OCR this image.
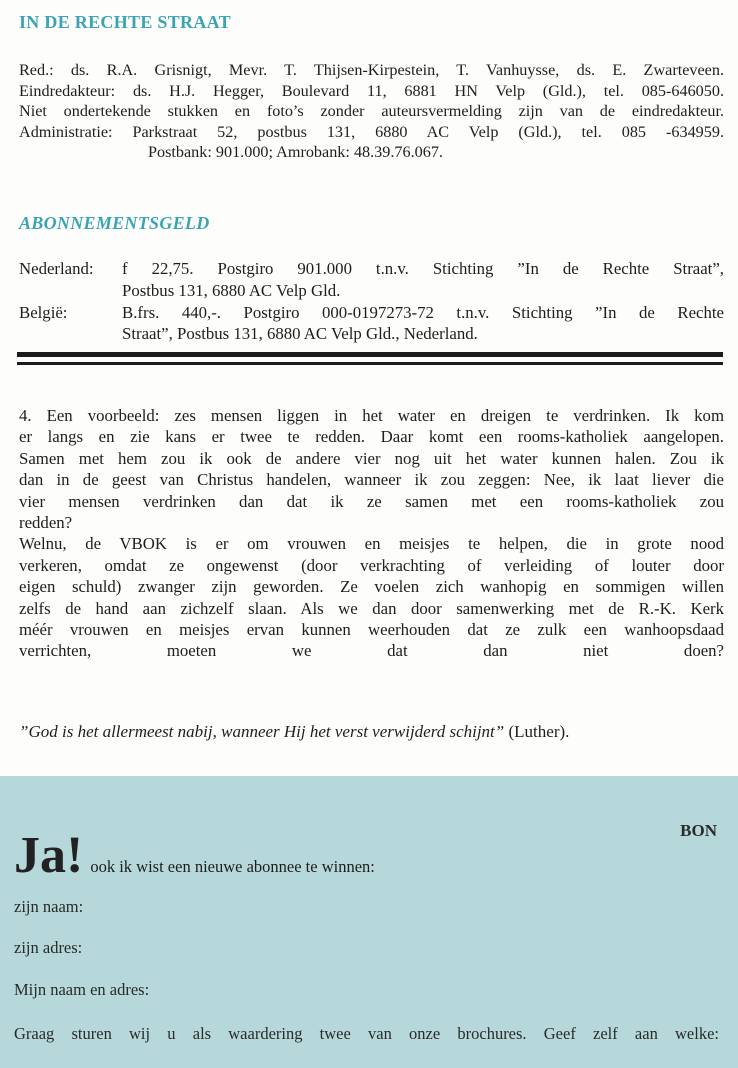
IN DE RECHTE STRAAT
Red.: ds. R.A. Grisnigt, Mevr. T. Thijsen-Kirpestein, T. Vanhuysse, ds. E. Zwarteveen.
Eindredakteur: ds. H.J. Hegger, Boulevard 11, 6881 HN Velp (Gld.), tel. 085-646050.
Niet ondertekende stukken en foto’s zonder auteursvermelding zijn van de eindredakteur.
Administratie: Parkstraat 52, postbus 131, 6880 AC Velp (Gld.), tel. 085 -634959.
Postbank: 901.000; Amrobank: 48.39.76.067.
ABONNEMENTSGELD
Nederland:	f 22,75. Postgiro 901.000 t.n.v. Stichting ”In de Rechte Straat”,
Postbus 131, 6880 AC Velp Gld.
België:	B.frs. 440,-. Postgiro 000-0197273-72 t.n.v. Stichting ”In de Rechte
Straat”, Postbus 131, 6880 AC Velp Gld., Nederland.
4. Een voorbeeld: zes mensen liggen in het water en dreigen te verdrinken. Ik kom
er langs en zie kans er twee te redden. Daar komt een rooms-katholiek aangelopen.
Samen met hem zou ik ook de andere vier nog uit het water kunnen halen. Zou ik
dan in de geest van Christus handelen, wanneer ik zou zeggen: Nee, ik laat liever die
vier mensen verdrinken dan dat ik ze samen met een rooms-katholiek zou
redden?
Welnu, de VBOK is er om vrouwen en meisjes te helpen, die in grote nood
verkeren, omdat ze ongewenst (door verkrachting of verleiding of louter door
eigen schuld) zwanger zijn geworden. Ze voelen zich wanhopig en sommigen willen
zelfs de hand aan zichzelf slaan. Als we dan door samenwerking met de R.-K. Kerk
méér vrouwen en meisjes ervan kunnen weerhouden dat ze zulk een wanhoopsdaad
verrichten, moeten we dat dan niet doen?
”God is het allermeest nabij, wanneer Hij het verst verwijderd schijnt” (Luther).
BON
Ja! ook ik wist een nieuwe abonnee te winnen:
zijn naam:
zijn adres:
Mijn naam en adres:
Graag sturen wij u als waardering twee van onze brochures. Geef zelf aan welke:
